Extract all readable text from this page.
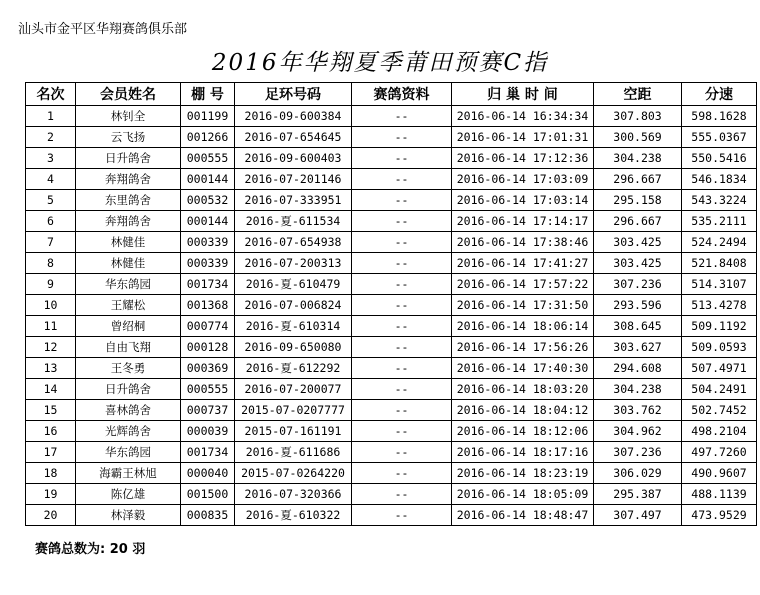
汕头市金平区华翔赛鸽俱乐部
2016年华翔夏季莆田预赛C指
名次	会员姓名	棚 号	足环号码	赛鸽资料	归 巢 时 间	空距	分速
1	林钊全	001199	2016-09-600384	--	2016-06-14 16:34:34	307.803	598.1628
2	云飞扬	001266	2016-07-654645	--	2016-06-14 17:01:31	300.569	555.0367
3	日升鸽舍	000555	2016-09-600403	--	2016-06-14 17:12:36	304.238	550.5416
4	奔翔鸽舍	000144	2016-07-201146	--	2016-06-14 17:03:09	296.667	546.1834
5	东里鸽舍	000532	2016-07-333951	--	2016-06-14 17:03:14	295.158	543.3224
6	奔翔鸽舍	000144	2016-夏-611534	--	2016-06-14 17:14:17	296.667	535.2111
7	林健佳	000339	2016-07-654938	--	2016-06-14 17:38:46	303.425	524.2494
8	林健佳	000339	2016-07-200313	--	2016-06-14 17:41:27	303.425	521.8408
9	华东鸽园	001734	2016-夏-610479	--	2016-06-14 17:57:22	307.236	514.3107
10	王耀松	001368	2016-07-006824	--	2016-06-14 17:31:50	293.596	513.4278
11	曾绍桐	000774	2016-夏-610314	--	2016-06-14 18:06:14	308.645	509.1192
12	自由飞翔	000128	2016-09-650080	--	2016-06-14 17:56:26	303.627	509.0593
13	王冬勇	000369	2016-夏-612292	--	2016-06-14 17:40:30	294.608	507.4971
14	日升鸽舍	000555	2016-07-200077	--	2016-06-14 18:03:20	304.238	504.2491
15	喜林鸽舍	000737	2015-07-0207777	--	2016-06-14 18:04:12	303.762	502.7452
16	光辉鸽舍	000039	2015-07-161191	--	2016-06-14 18:12:06	304.962	498.2104
17	华东鸽园	001734	2016-夏-611686	--	2016-06-14 18:17:16	307.236	497.7260
18	海霸王林旭	000040	2015-07-0264220	--	2016-06-14 18:23:19	306.029	490.9607
19	陈亿雄	001500	2016-07-320366	--	2016-06-14 18:05:09	295.387	488.1139
20	林泽毅	000835	2016-夏-610322	--	2016-06-14 18:48:47	307.497	473.9529
赛鸽总数为: 20 羽
